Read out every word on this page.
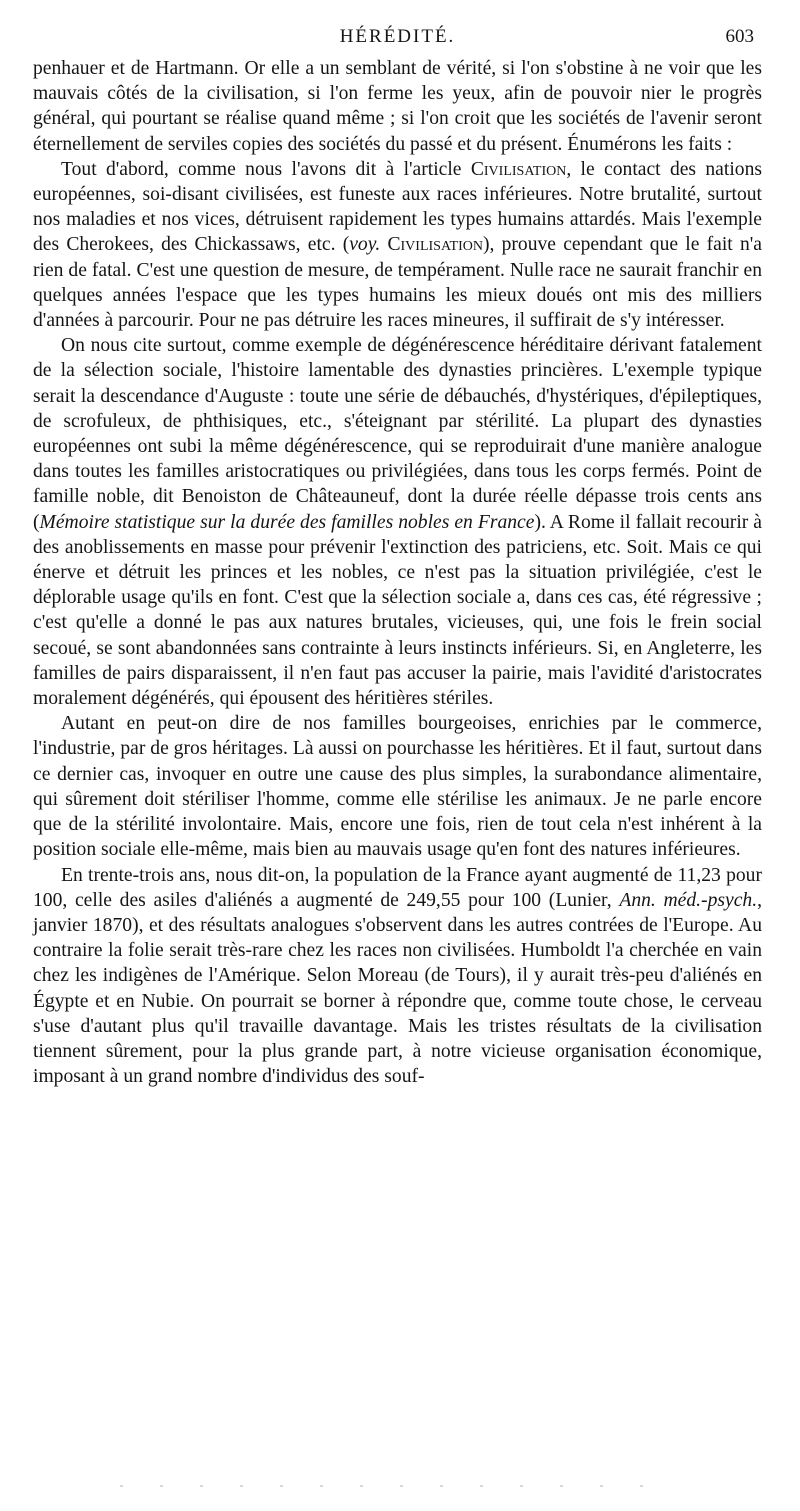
HÉRÉDITÉ.	603

penhauer et de Hartmann. Or elle a un semblant de vérité, si l'on s'obstine à ne voir que les mauvais côtés de la civilisation, si l'on ferme les yeux, afin de pouvoir nier le progrès général, qui pourtant se réalise quand même ; si l'on croit que les sociétés de l'avenir seront éternellement de serviles copies des sociétés du passé et du présent. Énumérons les faits :

Tout d'abord, comme nous l'avons dit à l'article Civilisation, le contact des nations européennes, soi-disant civilisées, est funeste aux races inférieures. Notre brutalité, surtout nos maladies et nos vices, détruisent rapidement les types humains attardés. Mais l'exemple des Cherokees, des Chickassaws, etc. (voy. Civilisation), prouve cependant que le fait n'a rien de fatal. C'est une question de mesure, de tempérament. Nulle race ne saurait franchir en quelques années l'espace que les types humains les mieux doués ont mis des milliers d'années à parcourir. Pour ne pas détruire les races mineures, il suffirait de s'y intéresser.

On nous cite surtout, comme exemple de dégénérescence héréditaire dérivant fatalement de la sélection sociale, l'histoire lamentable des dynasties princières. L'exemple typique serait la descendance d'Auguste : toute une série de débauchés, d'hystériques, d'épileptiques, de scrofuleux, de phthisiques, etc., s'éteignant par stérilité. La plupart des dynasties européennes ont subi la même dégénérescence, qui se reproduirait d'une manière analogue dans toutes les familles aristocratiques ou privilégiées, dans tous les corps fermés. Point de famille noble, dit Benoiston de Châteauneuf, dont la durée réelle dépasse trois cents ans (Mémoire statistique sur la durée des familles nobles en France). A Rome il fallait recourir à des anoblissements en masse pour prévenir l'extinction des patriciens, etc. Soit. Mais ce qui énerve et détruit les princes et les nobles, ce n'est pas la situation privilégiée, c'est le déplorable usage qu'ils en font. C'est que la sélection sociale a, dans ces cas, été régressive ; c'est qu'elle a donné le pas aux natures brutales, vicieuses, qui, une fois le frein social secoué, se sont abandonnées sans contrainte à leurs instincts inférieurs. Si, en Angleterre, les familles de pairs disparaissent, il n'en faut pas accuser la pairie, mais l'avidité d'aristocrates moralement dégénérés, qui épousent des héritières stériles.

Autant en peut-on dire de nos familles bourgeoises, enrichies par le commerce, l'industrie, par de gros héritages. Là aussi on pourchasse les héritières. Et il faut, surtout dans ce dernier cas, invoquer en outre une cause des plus simples, la surabondance alimentaire, qui sûrement doit stériliser l'homme, comme elle stérilise les animaux. Je ne parle encore que de la stérilité involontaire. Mais, encore une fois, rien de tout cela n'est inhérent à la position sociale elle-même, mais bien au mauvais usage qu'en font des natures inférieures.

En trente-trois ans, nous dit-on, la population de la France ayant augmenté de 11,23 pour 100, celle des asiles d'aliénés a augmenté de 249,55 pour 100 (Lunier, Ann. méd.-psych., janvier 1870), et des résultats analogues s'observent dans les autres contrées de l'Europe. Au contraire la folie serait très-rare chez les races non civilisées. Humboldt l'a cherchée en vain chez les indigènes de l'Amérique. Selon Moreau (de Tours), il y aurait très-peu d'aliénés en Égypte et en Nubie. On pourrait se borner à répondre que, comme toute chose, le cerveau s'use d'autant plus qu'il travaille davantage. Mais les tristes résultats de la civilisation tiennent sûrement, pour la plus grande part, à notre vicieuse organisation économique, imposant à un grand nombre d'individus des souf-
